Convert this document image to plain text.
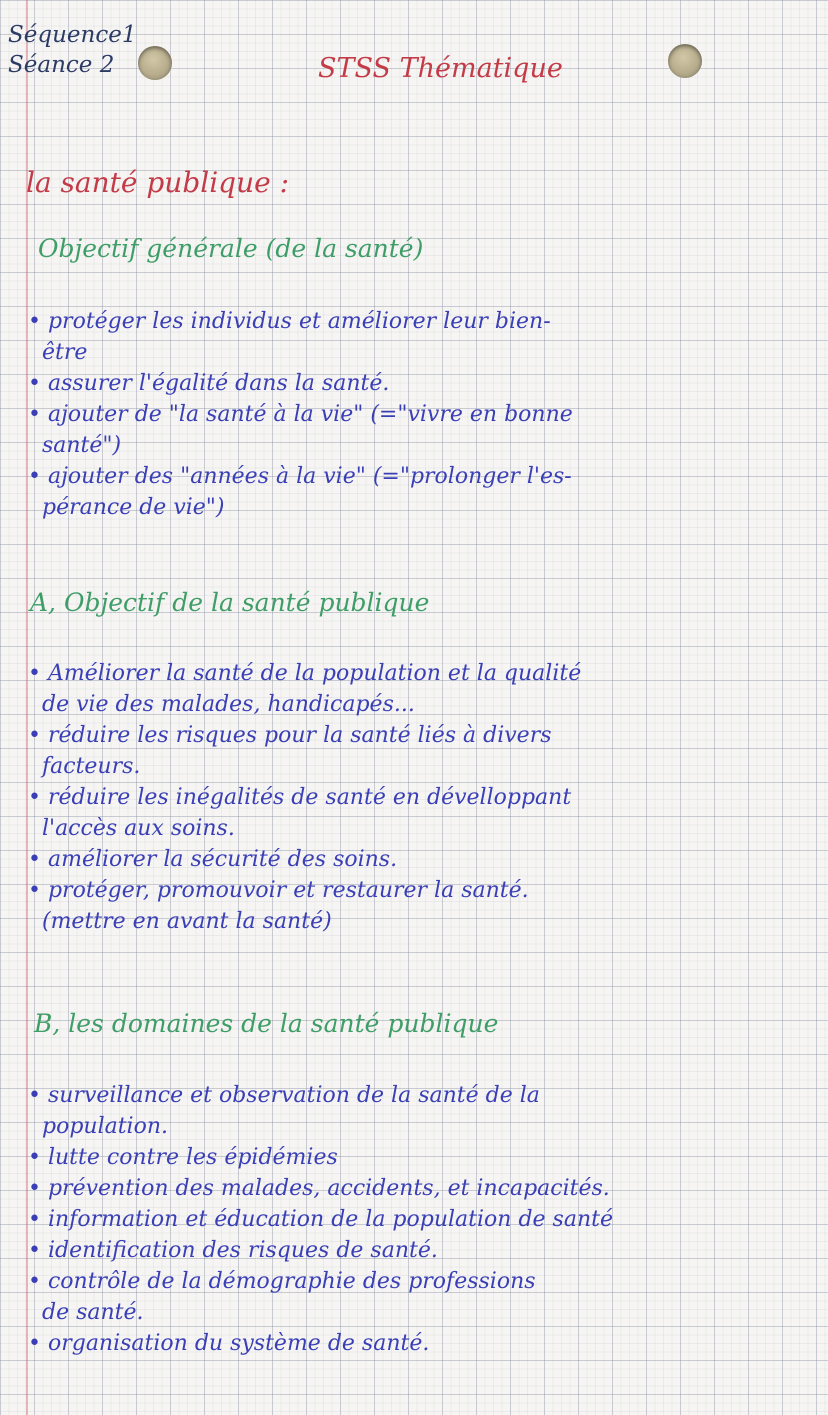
Séquence1
Séance 2	STSS Thématique
la santé publique :
Objectif générale (de la santé)
• protéger les individus et améliorer leur bien-
être
• assurer l'égalité dans la santé.
• ajouter de "la santé à la vie" (="vivre en bonne
santé")
• ajouter des "années à la vie" (="prolonger l'es-
pérance de vie")
A, Objectif de la santé publique
• Améliorer la santé de la population et la qualité
de vie des malades, handicapés...
• réduire les risques pour la santé liés à divers
facteurs.
• réduire les inégalités de santé en dévelloppant
l'accès aux soins.
• améliorer la sécurité des soins.
• protéger, promouvoir et restaurer la santé.
(mettre en avant la santé)
B, les domaines de la santé publique
• surveillance et observation de la santé de la
population.
• lutte contre les épidémies
• prévention des malades, accidents, et incapacités.
• information et éducation de la population de santé
• identification des risques de santé.
• contrôle de la démographie des professions
de santé.
• organisation du système de santé.
